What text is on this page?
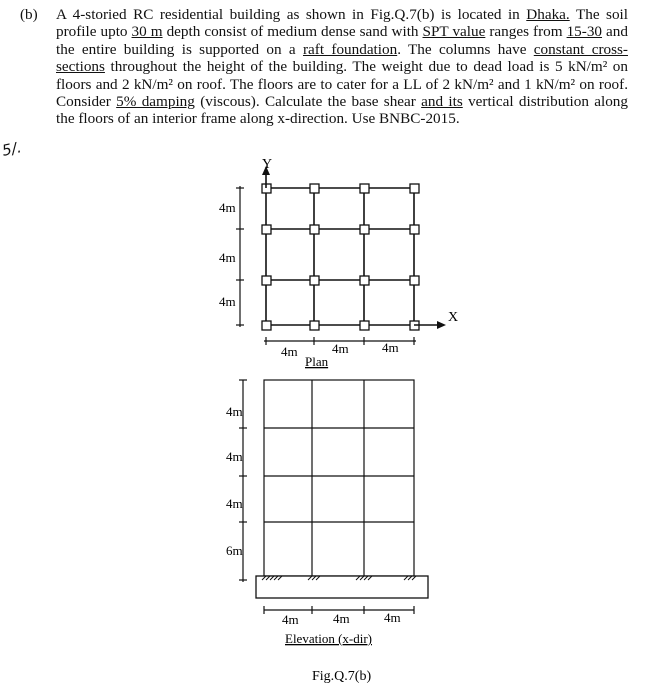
(b) A 4-storied RC residential building as shown in Fig.Q.7(b) is located in Dhaka. The soil profile upto 30 m depth consist of medium dense sand with SPT value ranges from 15-30 and the entire building is supported on a raft foundation. The columns have constant cross-sections throughout the height of the building. The weight due to dead load is 5 kN/m² on floors and 2 kN/m² on roof. The floors are to cater for a LL of 2 kN/m² and 1 kN/m² on roof. Consider 5% damping (viscous). Calculate the base shear and its vertical distribution along the floors of an interior frame along x-direction. Use BNBC-2015.
5/.
Y
X
4m
4m
4m
4m	4m	4m
Plan
4m
4m
4m
6m
4m	4m	4m
Elevation (x-dir)
Fig.Q.7(b)
